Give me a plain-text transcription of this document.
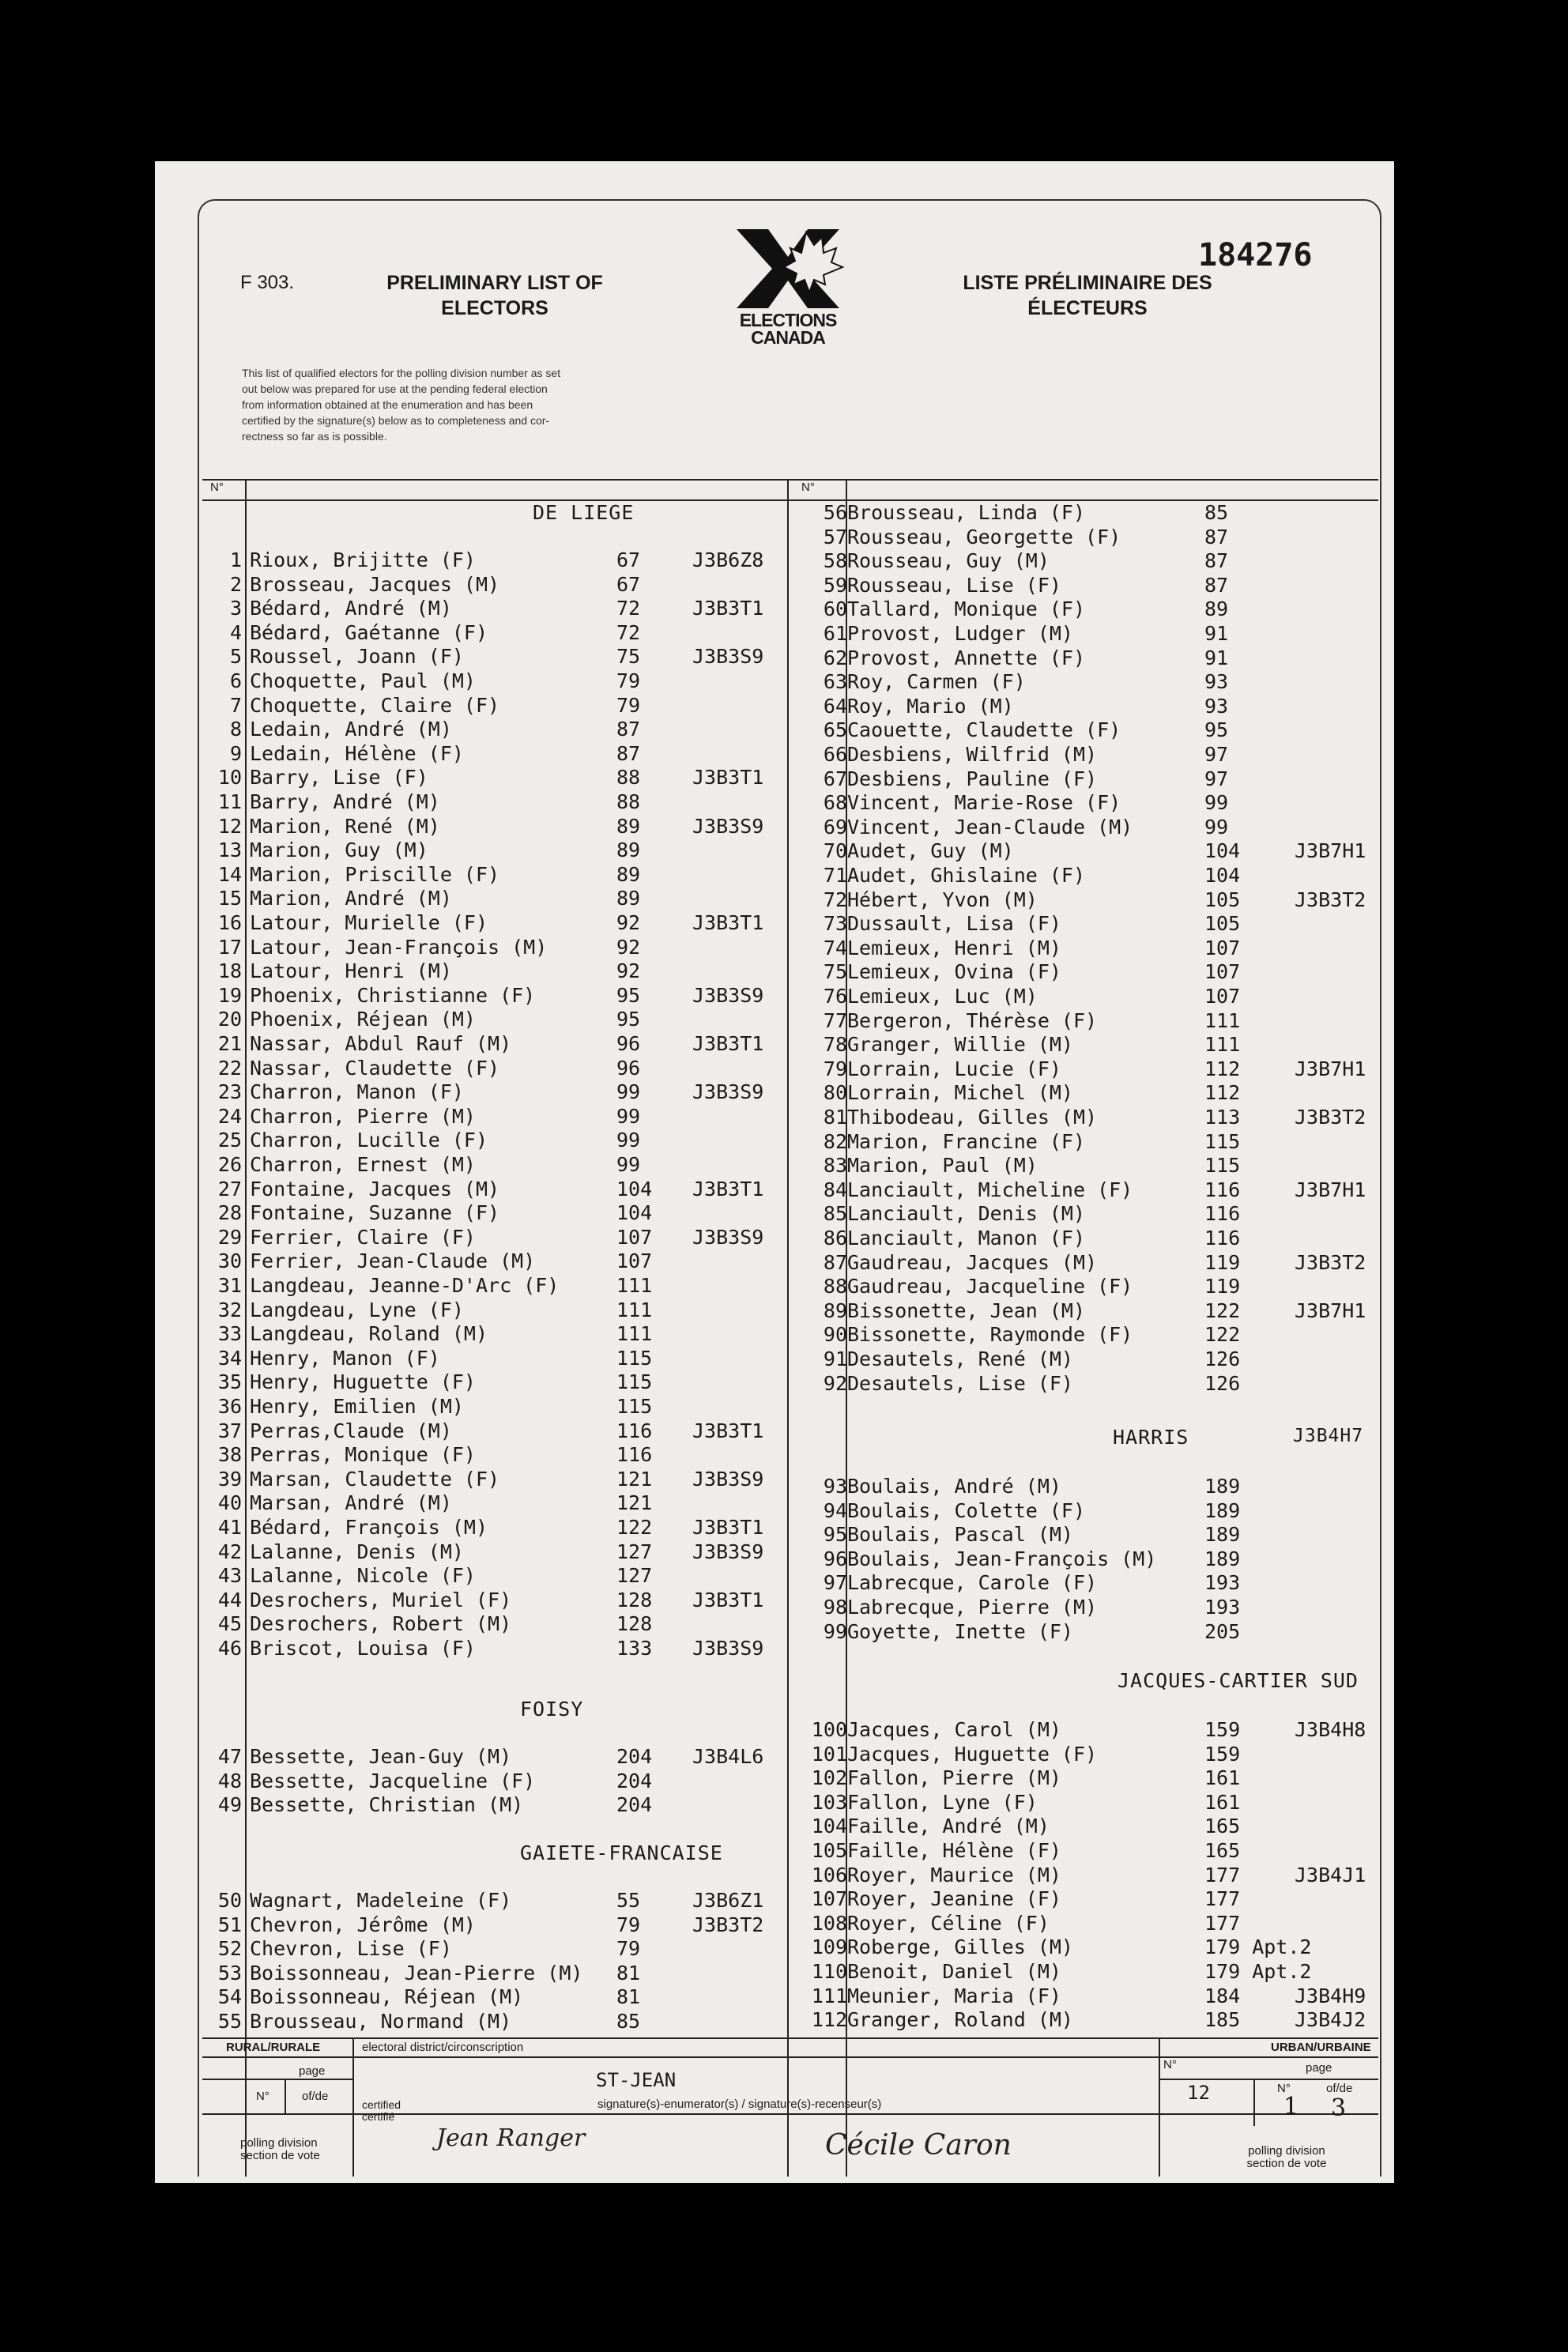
F 303.	PRELIMINARY LIST OF
ELECTORS
ELECTIONS
CANADA
184276
LISTE PRÉLIMINAIRE DES
ÉLECTEURS
This list of qualified electors for the polling division number as set
out below was prepared for use at the pending federal election
from information obtained at the enumeration and has been
certified by the signature(s) below as to completeness and cor-
rectness so far as is possible.
N°	N°
DE LIEGE
1 Rioux, Brijitte (F)	67	J3B6Z8
2 Brosseau, Jacques (M)	67
3 Bédard, André (M)	72	J3B3T1
4 Bédard, Gaétanne (F)	72
5 Roussel, Joann (F)	75	J3B3S9
6 Choquette, Paul (M)	79
7 Choquette, Claire (F)	79
8 Ledain, André (M)	87
9 Ledain, Hélène (F)	87
10 Barry, Lise (F)	88	J3B3T1
11 Barry, André (M)	88
12 Marion, René (M)	89	J3B3S9
13 Marion, Guy (M)	89
14 Marion, Priscille (F)	89
15 Marion, André (M)	89
16 Latour, Murielle (F)	92	J3B3T1
17 Latour, Jean-François (M)	92
18 Latour, Henri (M)	92
19 Phoenix, Christianne (F)	95	J3B3S9
20 Phoenix, Réjean (M)	95
21 Nassar, Abdul Rauf (M)	96	J3B3T1
22 Nassar, Claudette (F)	96
23 Charron, Manon (F)	99	J3B3S9
24 Charron, Pierre (M)	99
25 Charron, Lucille (F)	99
26 Charron, Ernest (M)	99
27 Fontaine, Jacques (M)	104 J3B3T1
28 Fontaine, Suzanne (F)	104
29 Ferrier, Claire (F)	107 J3B3S9
30 Ferrier, Jean-Claude (M)	107
31 Langdeau, Jeanne-D'Arc (F)	111
32 Langdeau, Lyne (F)	111
33 Langdeau, Roland (M)	111
34 Henry, Manon (F)	115
35 Henry, Huguette (F)	115
36 Henry, Emilien (M)	115
37 Perras,Claude (M)	116 J3B3T1
38 Perras, Monique (F)	116
39 Marsan, Claudette (F)	121 J3B3S9
40 Marsan, André (M)	121
41 Bédard, François (M)	122 J3B3T1
42 Lalanne, Denis (M)	127 J3B3S9
43 Lalanne, Nicole (F)	127
44 Desrochers, Muriel (F)	128 J3B3T1
45 Desrochers, Robert (M)	128
46 Briscot, Louisa (F)	133 J3B3S9
FOISY
47 Bessette, Jean-Guy (M)	204 J3B4L6
48 Bessette, Jacqueline (F)	204
49 Bessette, Christian (M)	204
GAIETE-FRANCAISE
50 Wagnart, Madeleine (F)	55	J3B6Z1
51 Chevron, Jérôme (M)	79	J3B3T2
52 Chevron, Lise (F)	79
53 Boissonneau, Jean-Pierre (M) 81
54 Boissonneau, Réjean (M)	81
55 Brousseau, Normand (M)	85
56 Brousseau, Linda (F)	85
57 Rousseau, Georgette (F)	87
58 Rousseau, Guy (M)	87
59 Rousseau, Lise (F)	87
60 Tallard, Monique (F)	89
61 Provost, Ludger (M)	91
62 Provost, Annette (F)	91
63 Roy, Carmen (F)	93
64 Roy, Mario (M)	93
65 Caouette, Claudette (F)	95
66 Desbiens, Wilfrid (M)	97
67 Desbiens, Pauline (F)	97
68 Vincent, Marie-Rose (F)	99
69 Vincent, Jean-Claude (M)	99
70 Audet, Guy (M)	104	J3B7H1
71 Audet, Ghislaine (F)	104
72 Hébert, Yvon (M)	105	J3B3T2
73 Dussault, Lisa (F)	105
74 Lemieux, Henri (M)	107
75 Lemieux, Ovina (F)	107
76 Lemieux, Luc (M)	107
77 Bergeron, Thérèse (F)	111
78 Granger, Willie (M)	111
79 Lorrain, Lucie (F)	112	J3B7H1
80 Lorrain, Michel (M)	112
81 Thibodeau, Gilles (M)	113	J3B3T2
82 Marion, Francine (F)	115
83 Marion, Paul (M)	115
84 Lanciault, Micheline (F)	116	J3B7H1
85 Lanciault, Denis (M)	116
86 Lanciault, Manon (F)	116
87 Gaudreau, Jacques (M)	119	J3B3T2
88 Gaudreau, Jacqueline (F)	119
89 Bissonette, Jean (M)	122	J3B7H1
90 Bissonette, Raymonde (F)	122
91 Desautels, René (M)	126
92 Desautels, Lise (F)	126
HARRIS	J3B4H7
93 Boulais, André (M)	189
94 Boulais, Colette (F)	189
95 Boulais, Pascal (M)	189
96 Boulais, Jean-François (M) 189
97 Labrecque, Carole (F)	193
98 Labrecque, Pierre (M)	193
99 Goyette, Inette (F)	205
JACQUES-CARTIER SUD
100 Jacques, Carol (M)	159	J3B4H8
101 Jacques, Huguette (F)	159
102 Fallon, Pierre (M)	161
103 Fallon, Lyne (F)	161
104 Faille, André (M)	165
105 Faille, Hélène (F)	165
106 Royer, Maurice (M)	177	J3B4J1
107 Royer, Jeanine (F)	177
108 Royer, Céline (F)	177
109 Roberge, Gilles (M)	179 Apt.2
110 Benoit, Daniel (M)	179 Apt.2
111 Meunier, Maria (F)	184	J3B4H9
112 Granger, Roland (M)	185	J3B4J2
RURAL/RURALE	electoral district/circonscription
ST-JEAN
page
N°	of/de
certified
certifié
signature(s)-enumerator(s) / signature(s)-recenseur(s)
Jean Ranger	Cécile Caron
polling division
section de vote
URBAN/URBAINE
N°	page
12	N°	of/de
1 3
polling division
section de vote
